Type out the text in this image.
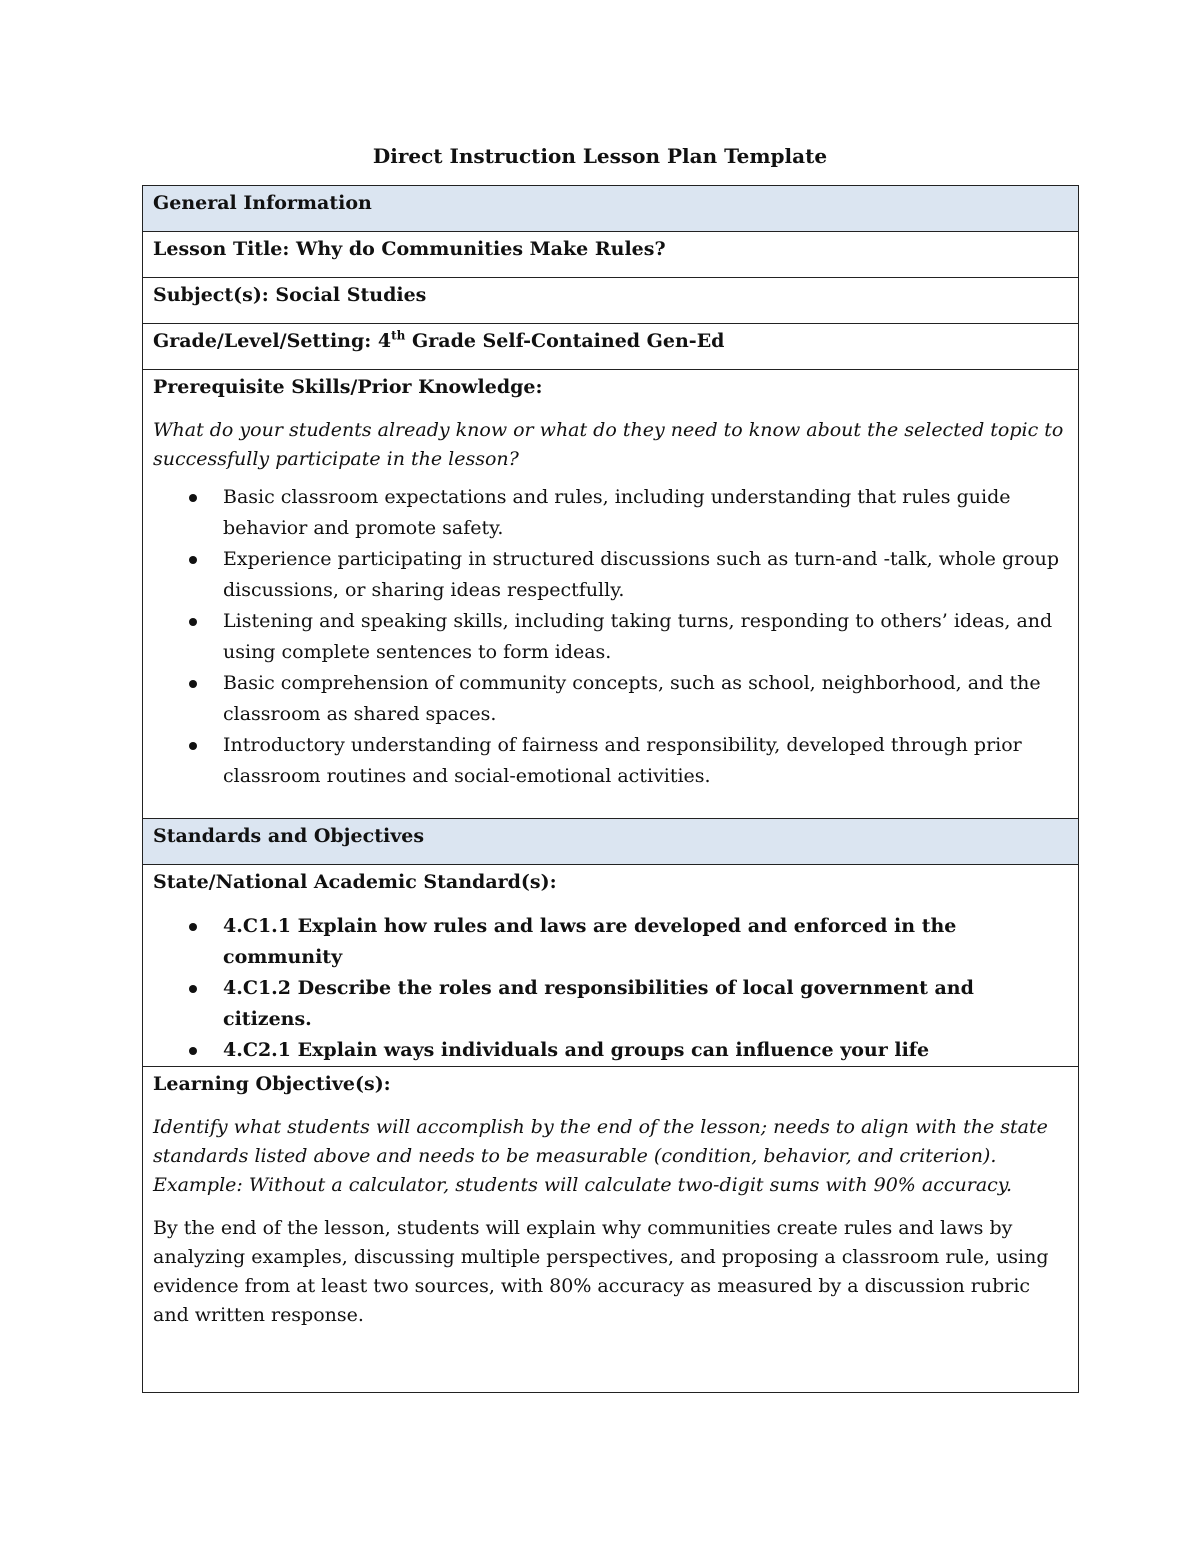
Direct Instruction Lesson Plan Template
General Information
Lesson Title: Why do Communities Make Rules?
Subject(s): Social Studies
Grade/Level/Setting: 4th Grade Self-Contained Gen-Ed
Prerequisite Skills/Prior Knowledge:
What do your students already know or what do they need to know about the selected topic to successfully participate in the lesson?
Basic classroom expectations and rules, including understanding that rules guide behavior and promote safety.
Experience participating in structured discussions such as turn-and -talk, whole group discussions, or sharing ideas respectfully.
Listening and speaking skills, including taking turns, responding to others’ ideas, and using complete sentences to form ideas.
Basic comprehension of community concepts, such as school, neighborhood, and the classroom as shared spaces.
Introductory understanding of fairness and responsibility, developed through prior classroom routines and social-emotional activities.
Standards and Objectives
State/National Academic Standard(s):
4.C1.1 Explain how rules and laws are developed and enforced in the community
4.C1.2 Describe the roles and responsibilities of local government and citizens.
4.C2.1 Explain ways individuals and groups can influence your life
Learning Objective(s):
Identify what students will accomplish by the end of the lesson; needs to align with the state standards listed above and needs to be measurable (condition, behavior, and criterion). Example: Without a calculator, students will calculate two-digit sums with 90% accuracy.
By the end of the lesson, students will explain why communities create rules and laws by analyzing examples, discussing multiple perspectives, and proposing a classroom rule, using evidence from at least two sources, with 80% accuracy as measured by a discussion rubric and written response.
